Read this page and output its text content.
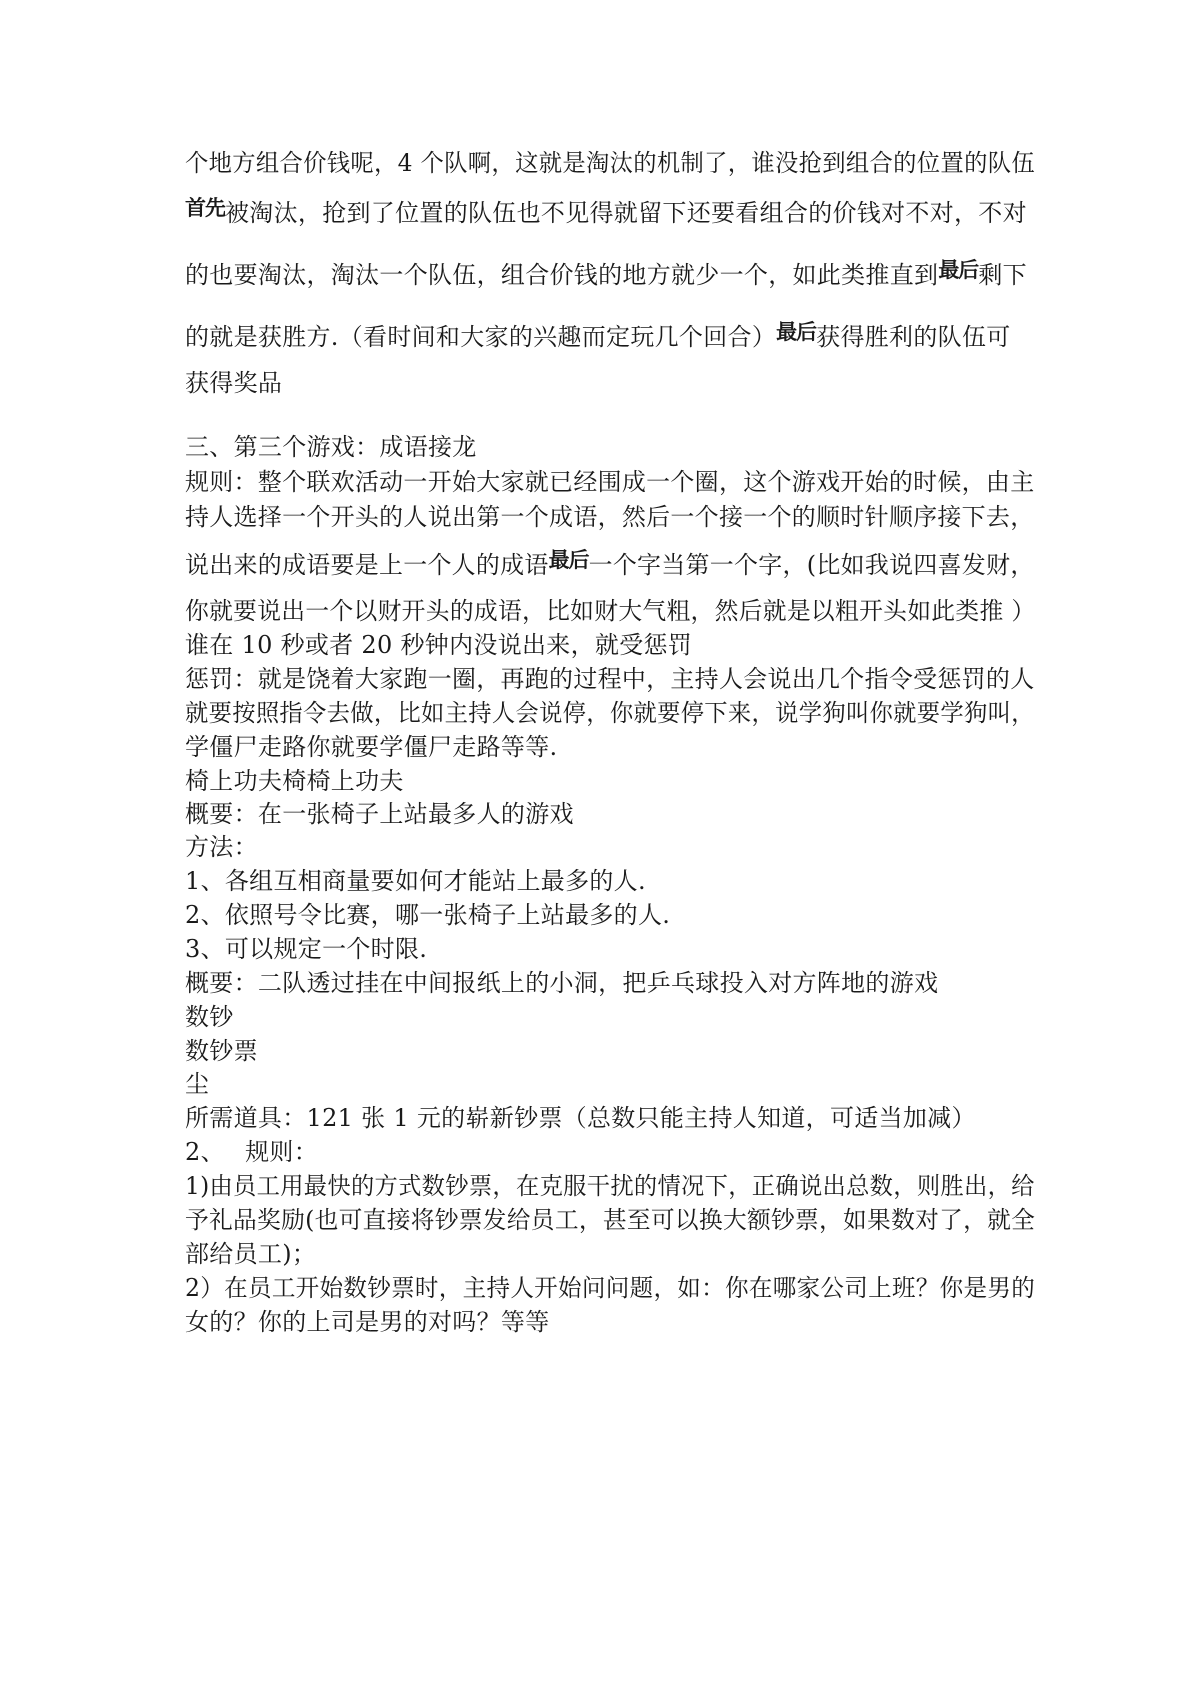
个地方组合价钱呢，4 个队啊，这就是淘汰的机制了，谁没抢到组合的位置的队伍
首先被淘汰，抢到了位置的队伍也不见得就留下还要看组合的价钱对不对，不对
的也要淘汰，淘汰一个队伍，组合价钱的地方就少一个，如此类推直到最后剩下
的就是获胜方.（看时间和大家的兴趣而定玩几个回合）最后获得胜利的队伍可
获得奖品
三、第三个游戏：成语接龙
规则：整个联欢活动一开始大家就已经围成一个圈，这个游戏开始的时候，由主
持人选择一个开头的人说出第一个成语，然后一个接一个的顺时针顺序接下去，
说出来的成语要是上一个人的成语最后一个字当第一个字，(比如我说四喜发财，
你就要说出一个以财开头的成语，比如财大气粗，然后就是以粗开头如此类推 ）
谁在 10 秒或者 20 秒钟内没说出来，就受惩罚
惩罚：就是饶着大家跑一圈，再跑的过程中，主持人会说出几个指令受惩罚的人
就要按照指令去做，比如主持人会说停，你就要停下来，说学狗叫你就要学狗叫，
学僵尸走路你就要学僵尸走路等等.
椅上功夫椅椅上功夫
概要：在一张椅子上站最多人的游戏
方法：
1、各组互相商量要如何才能站上最多的人.
2、依照号令比赛，哪一张椅子上站最多的人.
3、可以规定一个时限.
概要：二队透过挂在中间报纸上的小洞，把乒乓球投入对方阵地的游戏
数钞
数钞票
尘
所需道具：121 张 1 元的崭新钞票（总数只能主持人知道，可适当加减）
2、　 规则：
1)由员工用最快的方式数钞票，在克服干扰的情况下，正确说出总数，则胜出，给
予礼品奖励(也可直接将钞票发给员工，甚至可以换大额钞票，如果数对了，就全
部给员工)；
2）在员工开始数钞票时，主持人开始问问题，如：你在哪家公司上班？你是男的
女的？你的上司是男的对吗？等等
